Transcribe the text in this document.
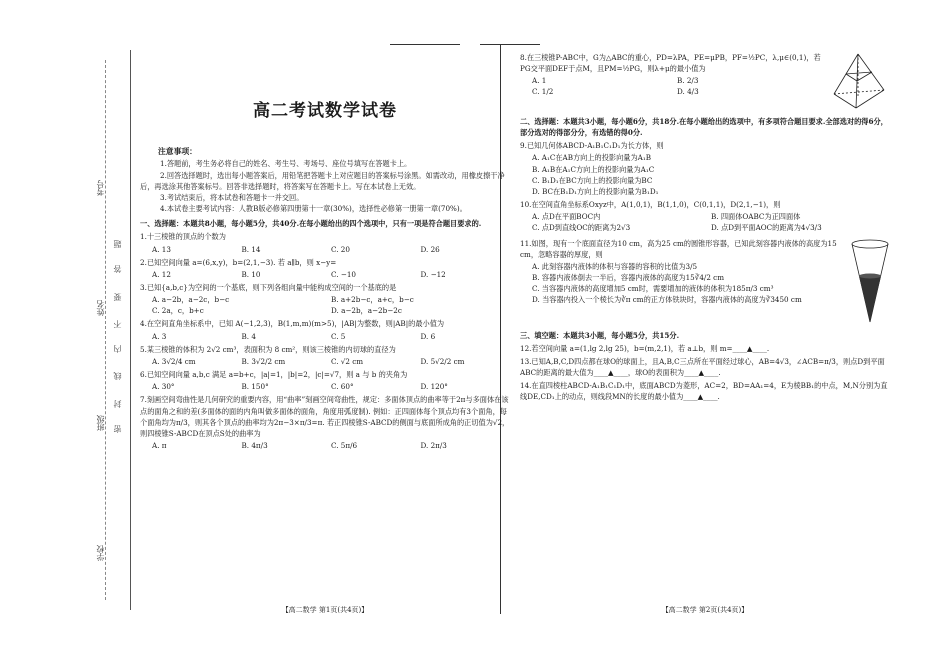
考号
姓名
班级
学校
题
答
要
不
内
线
封
密
高二考试数学试卷
注意事项：

1.答题前，考生务必将自己的姓名、考生号、考场号、座位号填写在答题卡上。

2.回答选择题时，选出每小题答案后，用铅笔把答题卡上对应题目的答案标号涂黑。如需改动，用橡皮擦干净后，再选涂其他答案标号。回答非选择题时，将答案写在答题卡上。写在本试卷上无效。

3.考试结束后，将本试卷和答题卡一并交回。

4.本试卷主要考试内容：人教B版必修第四册第十一章(30%)，选择性必修第一册第一章(70%)。

一、选择题：本题共8小题，每小题5分，共40分.在每小题给出的四个选项中，只有一项是符合题目要求的.

1.十三棱锥的顶点的个数为

A. 13	B. 14	C. 20	D. 26

2.已知空间向量 a=(6,x,y)，b=(2,1,−3). 若 a∥b，则 x−y=

A. 12	B. 10	C. −10	D. −12

3.已知{a,b,c}为空间的一个基底，则下列各组向量中能构成空间的一个基底的是

A. a−2b，a−2c，b−c	B. a+2b−c，a+c，b−c
C. 2a，c，b+c	D. a−2b，a−2b−2c

4.在空间直角坐标系中，已知 A(−1,2,3)，B(1,m,m)(m>5)，|AB|为整数，则|AB|的最小值为

A. 3	B. 4	C. 5	D. 6

5.某三棱锥的体积为 2√2 cm³，表面积为 8 cm²，则该三棱锥的内切球的直径为

A. 3√2/4 cm	B. 3√2/2 cm	C. √2 cm	D. 5√2/2 cm

6.已知空间向量 a,b,c 满足 a=b+c，|a|=1，|b|=2，|c|=√7，则 a 与 b 的夹角为

A. 30°	B. 150°	C. 60°	D. 120°

7.刻画空间弯曲性是几何研究的重要内容，用“曲率”刻画空间弯曲性，规定：多面体顶点的曲率等于2π与多面体在该点的面角之和的差(多面体的面的内角叫做多面体的面角，角度用弧度制). 例如：正四面体每个顶点均有3个面角，每个面角均为π/3，则其各个顶点的曲率均为2π−3×π/3=π. 若正四棱锥S-ABCD的侧面与底面所成角的正切值为√2，则四棱锥S-ABCD在顶点S处的曲率为

A. π	B. 4π/3	C. 5π/6	D. 2π/3
【高二数学 第1页(共4页)】

8.在三棱锥P-ABC中，G为△ABC的重心，PD=λPA，PE=μPB，PF=½PC，λ,μ∈(0,1)，若PG交平面DEF于点M，且PM=½PG，则λ+μ的最小值为

A. 1	B. 2/3
C. 1/2	D. 4/3

二、选择题：本题共3小题，每小题6分，共18分.在每小题给出的选项中，有多项符合题目要求.全部选对的得6分，部分选对的得部分分，有选错的得0分.

9.已知几何体ABCD-A₁B₁C₁D₁为长方体，则

A. A₁C在AB方向上的投影向量为A₁B

B. A₁B在A₁C方向上的投影向量为A₁C

C. B₁D₁在BC方向上的投影向量为BC

D. BC在B₁D₁方向上的投影向量为B₁D₁

10.在空间直角坐标系Oxyz中，A(1,0,1)，B(1,1,0)，C(0,1,1)，D(2,1,−1)，则

A. 点D在平面BOC内	B. 四面体OABC为正四面体
C. 点D到直线OC的距离为2√3	D. 点D到平面AOC的距离为4√3/3

11.如图，现有一个底面直径为10 cm，高为25 cm的圆锥形容器，已知此刻容器内液体的高度为15 cm，忽略容器的厚度，则

A. 此刻容器内液体的体积与容器的容积的比值为3/5

B. 容器内液体倒去一半后，容器内液体的高度为15∛4/2 cm

C. 当容器内液体的高度增加5 cm时，需要增加的液体的体积为185π/3 cm³

D. 当容器内投入一个棱长为∛π cm的正方体铁块时，容器内液体的高度为∛3450 cm

三、填空题：本题共3小题，每小题5分，共15分.

12.若空间向量 a=(1,lg 2,lg 25)，b=(m,2,1)，若 a⊥b，则 m=____▲____.

13.已知A,B,C,D四点都在球O的球面上，且A,B,C三点所在平面经过球心，AB=4√3，∠ACB=π/3，则点D到平面ABC的距离的最大值为____▲____，球O的表面积为____▲____.

14.在直四棱柱ABCD-A₁B₁C₁D₁中，底面ABCD为菱形，AC=2，BD=AA₁=4，E为棱BB₁的中点，M,N分别为直线DE,CD₁上的动点，则线段MN的长度的最小值为____▲____.

【高二数学 第2页(共4页)】
